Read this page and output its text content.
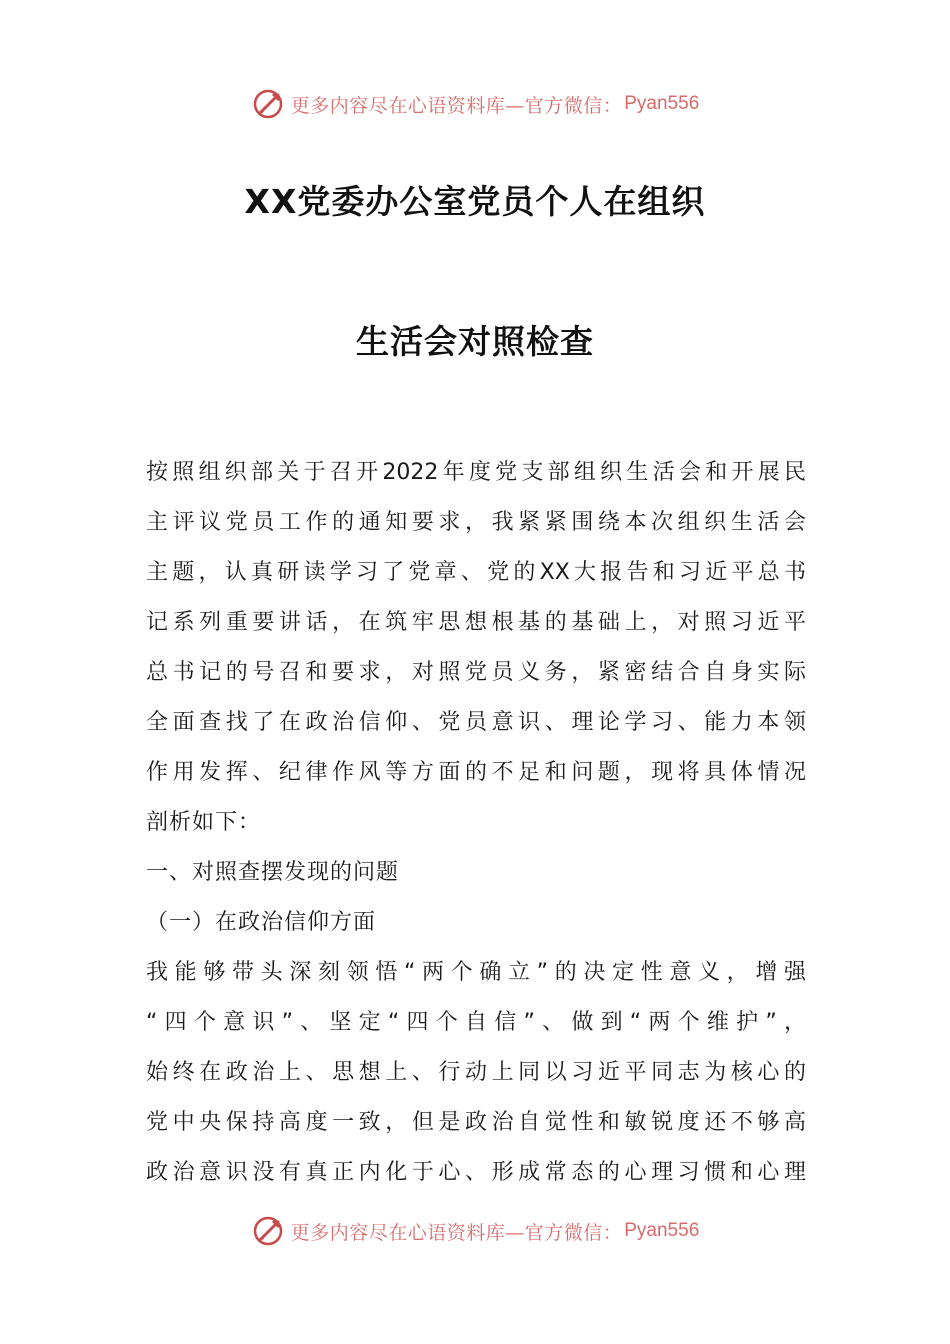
更多内容尽在心语资料库—官方微信： Pyan556
XX党委办公室党员个人在组织
生活会对照检查
按照组织部关于召开2022年度党支部组织生活会和开展民
主评议党员工作的通知要求，我紧紧围绕本次组织生活会
主题，认真研读学习了党章、党的XX大报告和习近平总书
记系列重要讲话，在筑牢思想根基的基础上，对照习近平
总书记的号召和要求，对照党员义务，紧密结合自身实际
全面查找了在政治信仰、党员意识、理论学习、能力本领
作用发挥、纪律作风等方面的不足和问题，现将具体情况
剖析如下：
一、对照查摆发现的问题
（一）在政治信仰方面
我能够带头深刻领悟“两个确立”的决定性意义，增强
“四个意识”、坚定“四个自信”、做到“两个维护”，
始终在政治上、思想上、行动上同以习近平同志为核心的
党中央保持高度一致，但是政治自觉性和敏锐度还不够高
政治意识没有真正内化于心、形成常态的心理习惯和心理
更多内容尽在心语资料库—官方微信： Pyan556
